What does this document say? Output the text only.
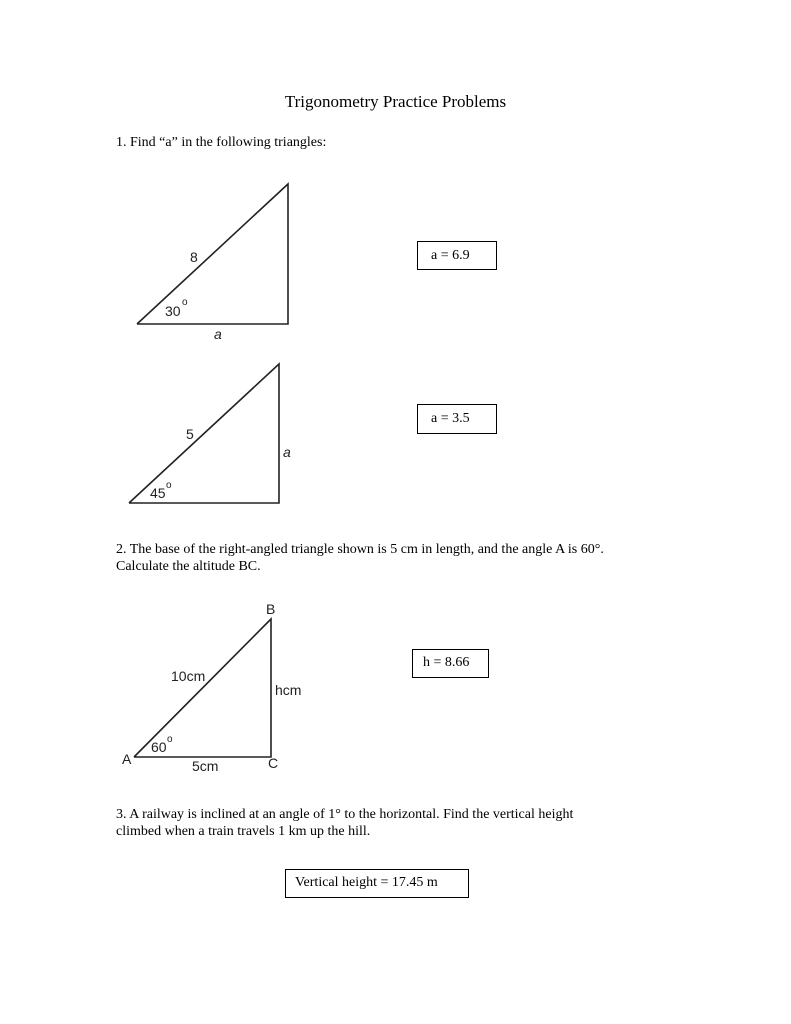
Trigonometry Practice Problems
1. Find “a” in the following triangles:
8
30
o
a
5
45 o
a
B
A	C
10cm
hcm
5cm
60 o
a = 6.9
a = 3.5
2. The base of the right-angled triangle shown is 5 cm in length, and the angle A is 60°.
Calculate the altitude BC.
h = 8.66
3. A railway is inclined at an angle of 1° to the horizontal. Find the vertical height
climbed when a train travels 1 km up the hill.
Vertical height = 17.45 m
